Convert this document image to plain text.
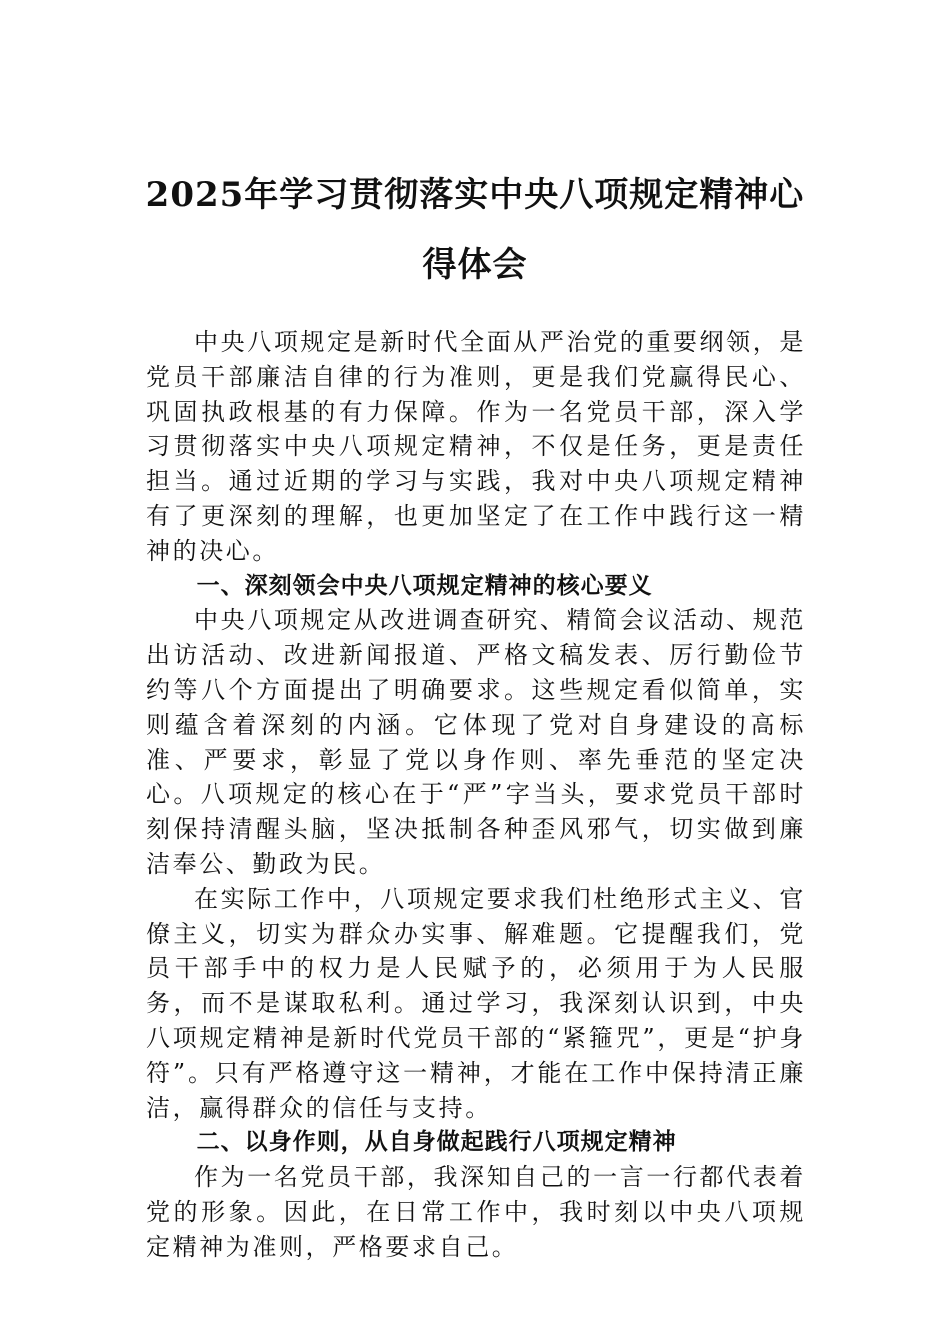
2025年学习贯彻落实中央八项规定精神心得体会

中央八项规定是新时代全面从严治党的重要纲领，是党员干部廉洁自律的行为准则，更是我们党赢得民心、巩固执政根基的有力保障。作为一名党员干部，深入学习贯彻落实中央八项规定精神，不仅是任务，更是责任担当。通过近期的学习与实践，我对中央八项规定精神有了更深刻的理解，也更加坚定了在工作中践行这一精神的决心。

一、深刻领会中央八项规定精神的核心要义

中央八项规定从改进调查研究、精简会议活动、规范出访活动、改进新闻报道、严格文稿发表、厉行勤俭节约等八个方面提出了明确要求。这些规定看似简单，实则蕴含着深刻的内涵。它体现了党对自身建设的高标准、严要求，彰显了党以身作则、率先垂范的坚定决心。八项规定的核心在于“严”字当头，要求党员干部时刻保持清醒头脑，坚决抵制各种歪风邪气，切实做到廉洁奉公、勤政为民。

在实际工作中，八项规定要求我们杜绝形式主义、官僚主义，切实为群众办实事、解难题。它提醒我们，党员干部手中的权力是人民赋予的，必须用于为人民服务，而不是谋取私利。通过学习，我深刻认识到，中央八项规定精神是新时代党员干部的“紧箍咒”，更是“护身符”。只有严格遵守这一精神，才能在工作中保持清正廉洁，赢得群众的信任与支持。

二、以身作则，从自身做起践行八项规定精神

作为一名党员干部，我深知自己的一言一行都代表着党的形象。因此，在日常工作中，我时刻以中央八项规定精神为准则，严格要求自己。
